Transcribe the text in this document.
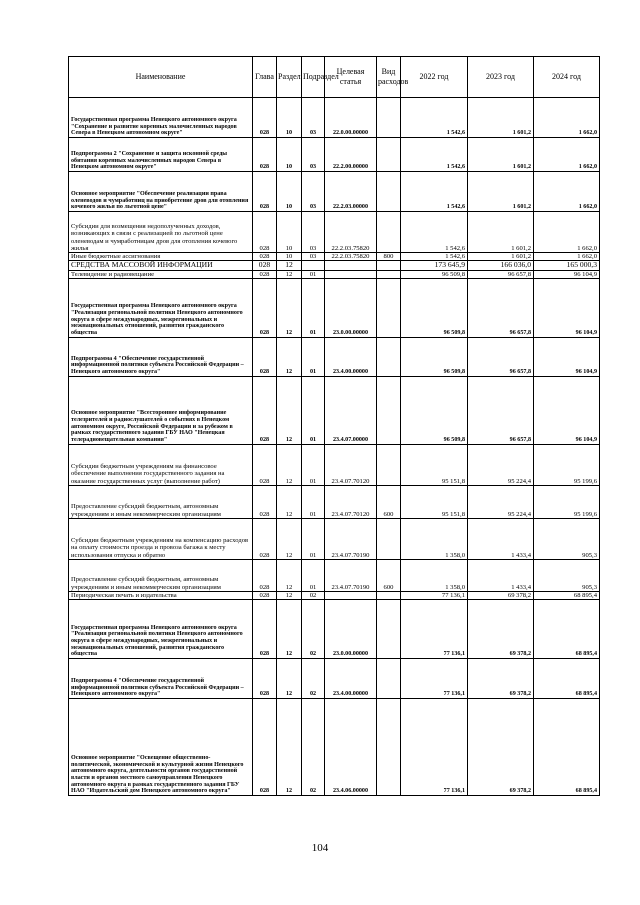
Наименование	Глава	Раздел	Подраздел	Целевая статья	Вид расходов	2022 год	2023 год	2024 год
Государственная программа Ненецкого автономного округа "Сохранение и развитие коренных малочисленных народов Севера в Ненецком автономном округе"	028	10	03	22.0.00.00000		1 542,6	1 601,2	1 662,0
Подпрограмма 2 "Сохранение и защита исконной среды обитания коренных малочисленных народов Севера в Ненецком автономном округе"	028	10	03	22.2.00.00000		1 542,6	1 601,2	1 662,0
Основное мероприятие "Обеспечение реализации права оленеводов и чумработниц на приобретение дров для отопления кочевого жилья по льготной цене"	028	10	03	22.2.03.00000		1 542,6	1 601,2	1 662,0
Субсидии для возмещения недополученных доходов, возникающих в связи с реализацией по льготной цене оленеводам и чумработницам дров для отопления кочевого жилья	028	10	03	22.2.03.75820		1 542,6	1 601,2	1 662,0
Иные бюджетные ассигнования	028	10	03	22.2.03.75820	800	1 542,6	1 601,2	1 662,0
СРЕДСТВА МАССОВОЙ ИНФОРМАЦИИ	028	12				173 645,9	166 036,0	165 000,3
Телевидение и радиовещание	028	12	01			96 509,8	96 657,8	96 104,9
Государственная программа Ненецкого автономного округа "Реализация региональной политики Ненецкого автономного округа в сфере международных, межрегиональных и межнациональных отношений, развития гражданского общества	028	12	01	23.0.00.00000		96 509,8	96 657,8	96 104,9
Подпрограмма 4 "Обеспечение государственной информационной политики субъекта Российской Федерации – Ненецкого автономного округа"	028	12	01	23.4.00.00000		96 509,8	96 657,8	96 104,9
Основное мероприятие "Всестороннее информирование телезрителей и радиослушателей о событиях в Ненецком автономном округе, Российской Федерации и за рубежом в рамках государственного задания ГБУ НАО "Ненецкая телерадиовещательная компания"	028	12	01	23.4.07.00000		96 509,8	96 657,8	96 104,9
Субсидии бюджетным учреждениям на финансовое обеспечение выполнения государственного задания на оказание государственных услуг (выполнение работ)	028	12	01	23.4.07.70120		95 151,8	95 224,4	95 199,6
Предоставление субсидий бюджетным, автономным учреждениям и иным некоммерческим организациям	028	12	01	23.4.07.70120	600	95 151,8	95 224,4	95 199,6
Субсидии бюджетным учреждениям на компенсацию расходов на оплату стоимости проезда и провоза багажа к месту использования отпуска и обратно	028	12	01	23.4.07.70190		1 358,0	1 433,4	905,3
Предоставление субсидий бюджетным, автономным учреждениям и иным некоммерческим организациям	028	12	01	23.4.07.70190	600	1 358,0	1 433,4	905,3
Периодическая печать и издательства	028	12	02			77 136,1	69 378,2	68 895,4
Государственная программа Ненецкого автономного округа "Реализация региональной политики Ненецкого автономного округа в сфере международных, межрегиональных и межнациональных отношений, развития гражданского общества	028	12	02	23.0.00.00000		77 136,1	69 378,2	68 895,4
Подпрограмма 4 "Обеспечение государственной информационной политики субъекта Российской Федерации – Ненецкого автономного округа"	028	12	02	23.4.00.00000		77 136,1	69 378,2	68 895,4
Основное мероприятие "Освещение общественно-политической, экономической и культурной жизни Ненецкого автономного округа, деятельности органов государственной власти и органов местного самоуправления Ненецкого автономного округа в рамках государственного задания ГБУ НАО "Издательский дом Ненецкого автономного округа"	028	12	02	23.4.06.00000		77 136,1	69 378,2	68 895,4
104
